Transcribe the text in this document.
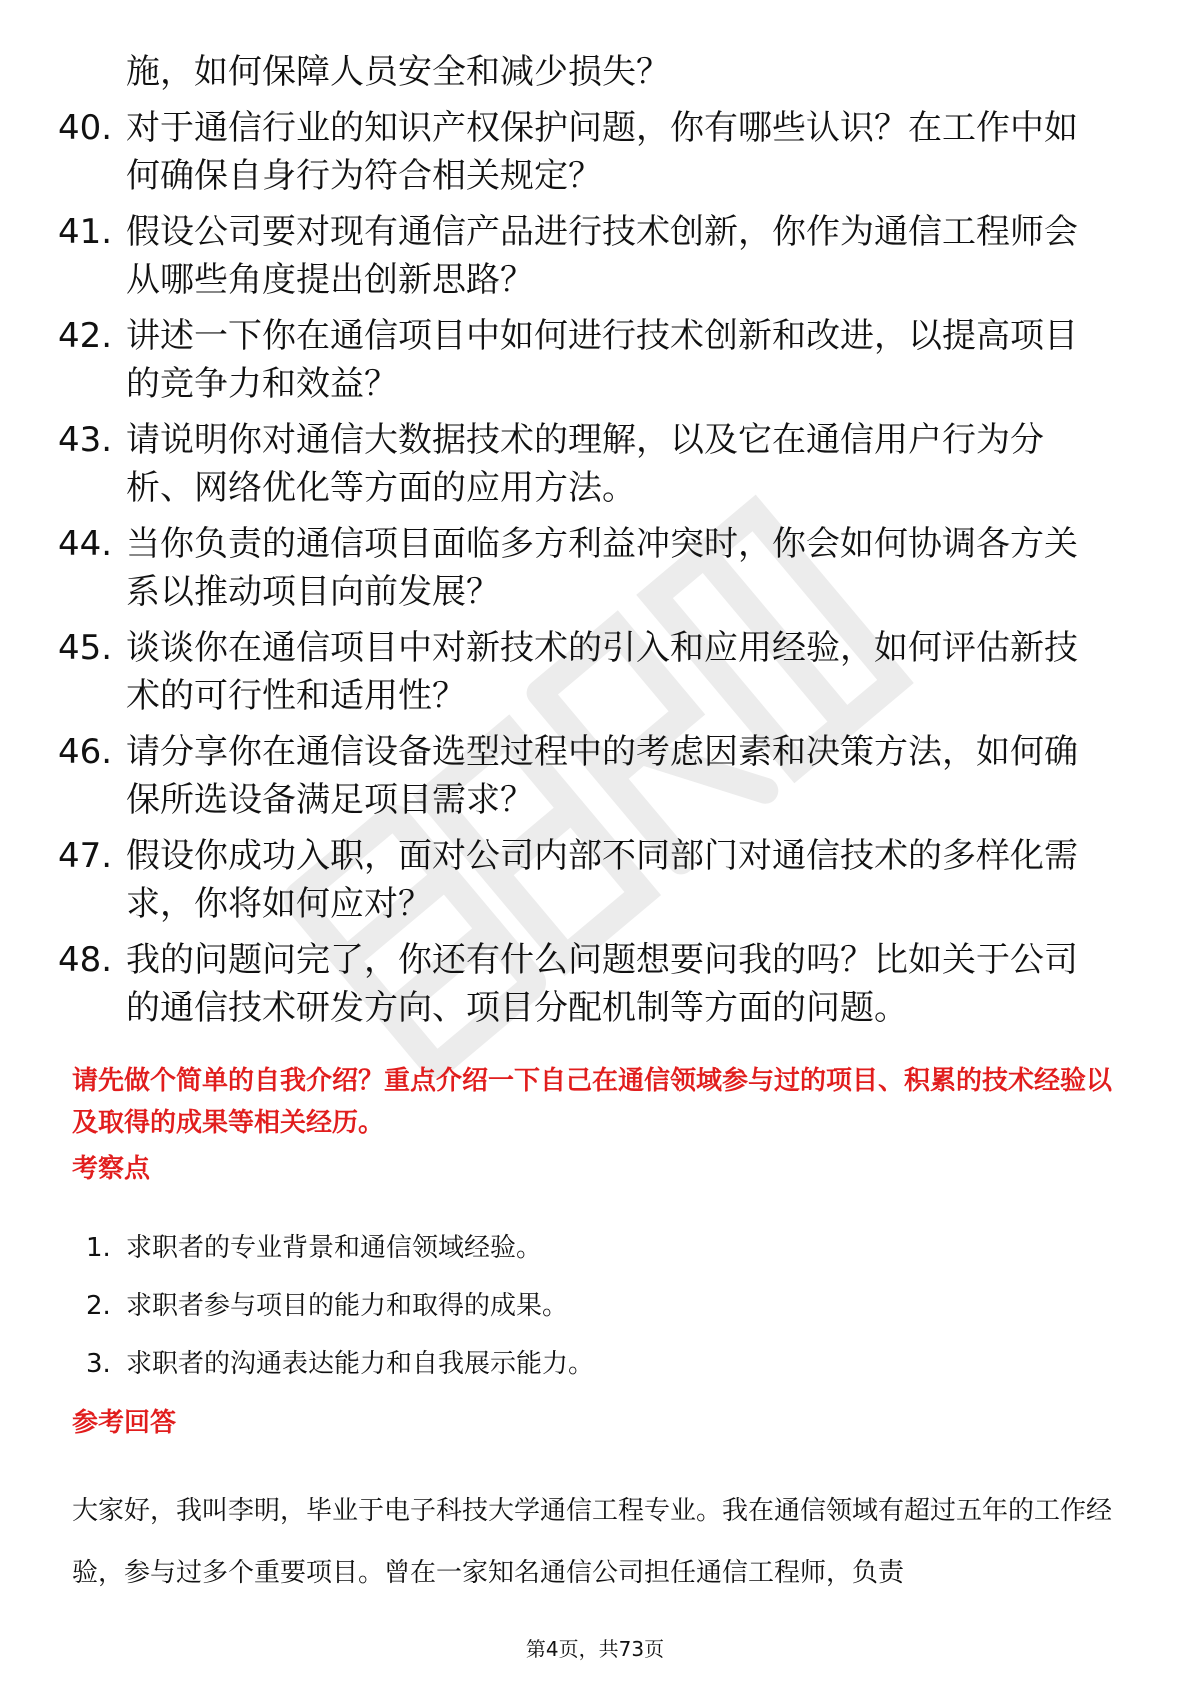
施，如何保障人员安全和减少损失？
40. 对于通信行业的知识产权保护问题，你有哪些认识？在工作中如何确保自身行为符合相关规定？
41. 假设公司要对现有通信产品进行技术创新，你作为通信工程师会从哪些角度提出创新思路？
42. 讲述一下你在通信项目中如何进行技术创新和改进，以提高项目的竞争力和效益？
43. 请说明你对通信大数据技术的理解，以及它在通信用户行为分析、网络优化等方面的应用方法。
44. 当你负责的通信项目面临多方利益冲突时，你会如何协调各方关系以推动项目向前发展？
45. 谈谈你在通信项目中对新技术的引入和应用经验，如何评估新技术的可行性和适用性？
46. 请分享你在通信设备选型过程中的考虑因素和决策方法，如何确保所选设备满足项目需求？
47. 假设你成功入职，面对公司内部不同部门对通信技术的多样化需求，你将如何应对？
48. 我的问题问完了，你还有什么问题想要问我的吗？比如关于公司的通信技术研发方向、项目分配机制等方面的问题。
请先做个简单的自我介绍？重点介绍一下自己在通信领域参与过的项目、积累的技术经验以及取得的成果等相关经历。
考察点
1. 求职者的专业背景和通信领域经验。
2. 求职者参与项目的能力和取得的成果。
3. 求职者的沟通表达能力和自我展示能力。
参考回答
大家好，我叫李明，毕业于电子科技大学通信工程专业。我在通信领域有超过五年的工作经验，参与过多个重要项目。曾在一家知名通信公司担任通信工程师，负责
第4页，共73页
